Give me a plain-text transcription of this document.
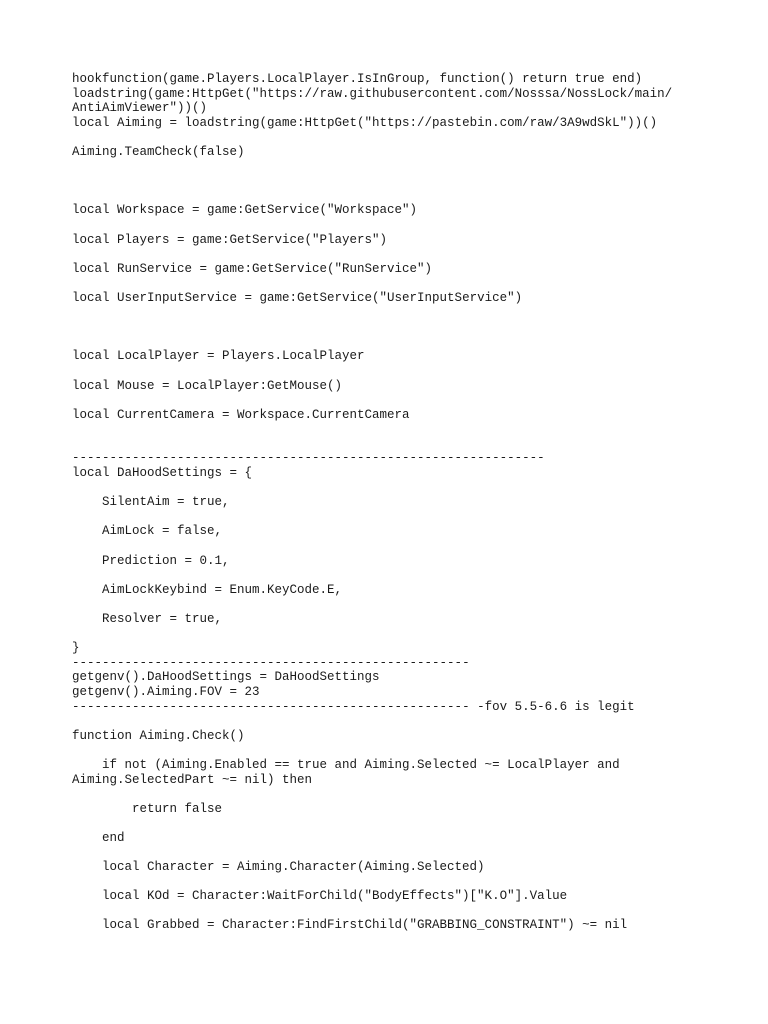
hookfunction(game.Players.LocalPlayer.IsInGroup, function() return true end)
loadstring(game:HttpGet("https://raw.githubusercontent.com/Nosssa/NossLock/main/
AntiAimViewer"))()
local Aiming = loadstring(game:HttpGet("https://pastebin.com/raw/3A9wdSkL"))()
Aiming.TeamCheck(false)
local Workspace = game:GetService("Workspace")
local Players = game:GetService("Players")
local RunService = game:GetService("RunService")
local UserInputService = game:GetService("UserInputService")
local LocalPlayer = Players.LocalPlayer
local Mouse = LocalPlayer:GetMouse()
local CurrentCamera = Workspace.CurrentCamera
---------------------------------------------------------------
local DaHoodSettings = {
SilentAim = true,
AimLock = false,
Prediction = 0.1,
AimLockKeybind = Enum.KeyCode.E,
Resolver = true,
}
-----------------------------------------------------
getgenv().DaHoodSettings = DaHoodSettings
getgenv().Aiming.FOV = 23
----------------------------------------------------- -fov 5.5-6.6 is legit
function Aiming.Check()
if not (Aiming.Enabled == true and Aiming.Selected ~= LocalPlayer and
Aiming.SelectedPart ~= nil) then
return false
end
local Character = Aiming.Character(Aiming.Selected)
local KOd = Character:WaitForChild("BodyEffects")["K.O"].Value
local Grabbed = Character:FindFirstChild("GRABBING_CONSTRAINT") ~= nil
